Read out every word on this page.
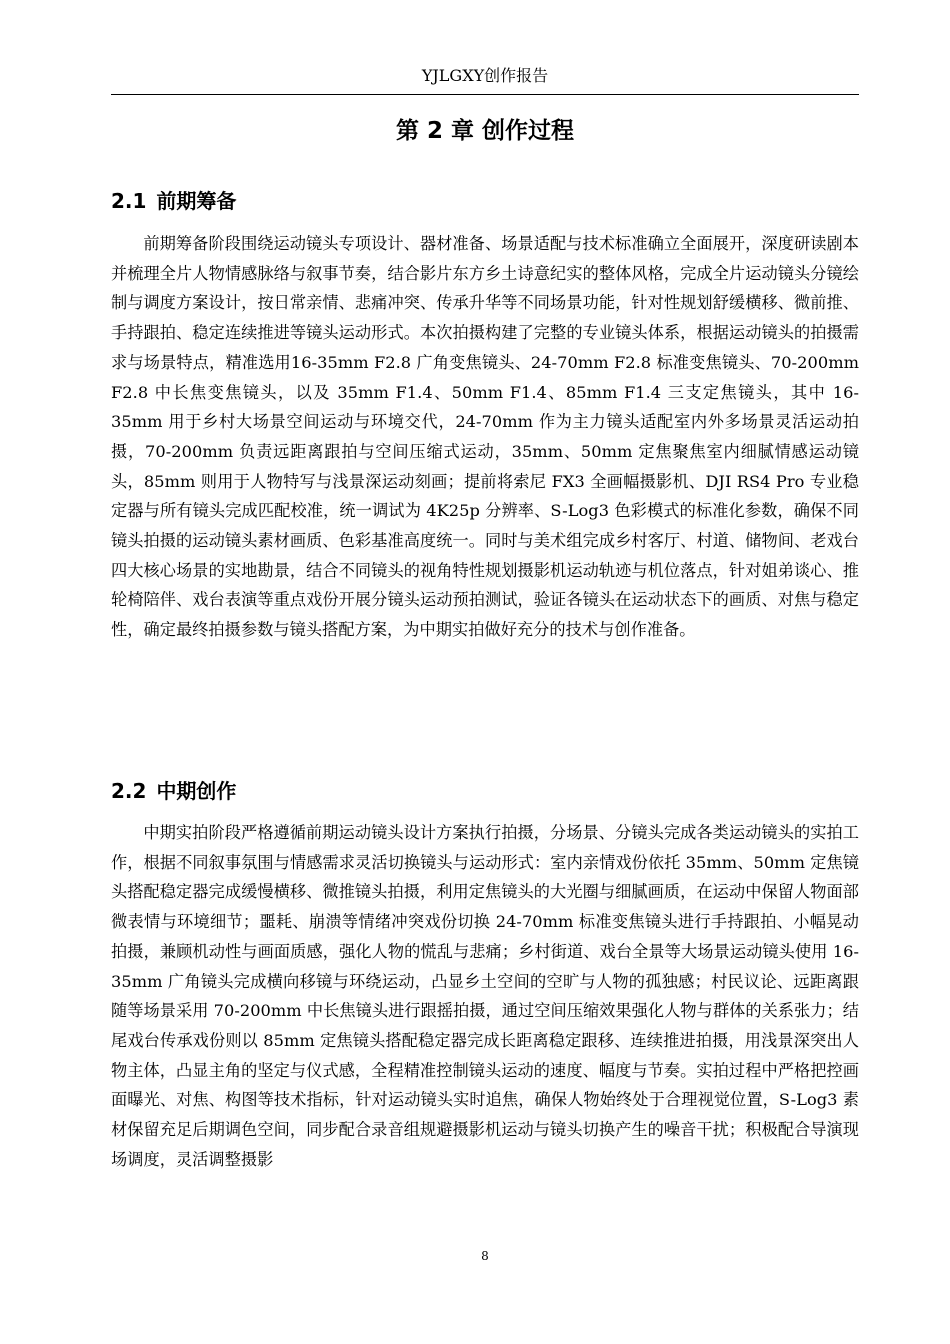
YJLGXY创作报告
第 2 章 创作过程
2.1 前期筹备

前期筹备阶段围绕运动镜头专项设计、器材准备、场景适配与技术标准确立全面展开，深度研读剧本并梳理全片人物情感脉络与叙事节奏，结合影片东方乡土诗意纪实的整体风格，完成全片运动镜头分镜绘制与调度方案设计，按日常亲情、悲痛冲突、传承升华等不同场景功能，针对性规划舒缓横移、微前推、手持跟拍、稳定连续推进等镜头运动形式。本次拍摄构建了完整的专业镜头体系，根据运动镜头的拍摄需求与场景特点，精准选用16-35mm F2.8 广角变焦镜头、24-70mm F2.8 标准变焦镜头、70-200mm F2.8 中长焦变焦镜头，以及 35mm F1.4、50mm F1.4、85mm F1.4 三支定焦镜头，其中 16-35mm 用于乡村大场景空间运动与环境交代，24-70mm 作为主力镜头适配室内外多场景灵活运动拍摄，70-200mm 负责远距离跟拍与空间压缩式运动，35mm、50mm 定焦聚焦室内细腻情感运动镜头，85mm 则用于人物特写与浅景深运动刻画；提前将索尼 FX3 全画幅摄影机、DJI RS4 Pro 专业稳定器与所有镜头完成匹配校准，统一调试为 4K25p 分辨率、S-Log3 色彩模式的标准化参数，确保不同镜头拍摄的运动镜头素材画质、色彩基准高度统一。同时与美术组完成乡村客厅、村道、储物间、老戏台四大核心场景的实地勘景，结合不同镜头的视角特性规划摄影机运动轨迹与机位落点，针对姐弟谈心、推轮椅陪伴、戏台表演等重点戏份开展分镜头运动预拍测试，验证各镜头在运动状态下的画质、对焦与稳定性，确定最终拍摄参数与镜头搭配方案，为中期实拍做好充分的技术与创作准备。

2.2 中期创作

中期实拍阶段严格遵循前期运动镜头设计方案执行拍摄，分场景、分镜头完成各类运动镜头的实拍工作，根据不同叙事氛围与情感需求灵活切换镜头与运动形式：室内亲情戏份依托 35mm、50mm 定焦镜头搭配稳定器完成缓慢横移、微推镜头拍摄，利用定焦镜头的大光圈与细腻画质，在运动中保留人物面部微表情与环境细节；噩耗、崩溃等情绪冲突戏份切换 24-70mm 标准变焦镜头进行手持跟拍、小幅晃动拍摄，兼顾机动性与画面质感，强化人物的慌乱与悲痛；乡村街道、戏台全景等大场景运动镜头使用 16-35mm 广角镜头完成横向移镜与环绕运动，凸显乡土空间的空旷与人物的孤独感；村民议论、远距离跟随等场景采用 70-200mm 中长焦镜头进行跟摇拍摄，通过空间压缩效果强化人物与群体的关系张力；结尾戏台传承戏份则以 85mm 定焦镜头搭配稳定器完成长距离稳定跟移、连续推进拍摄，用浅景深突出人物主体，凸显主角的坚定与仪式感，全程精准控制镜头运动的速度、幅度与节奏。实拍过程中严格把控画面曝光、对焦、构图等技术指标，针对运动镜头实时追焦，确保人物始终处于合理视觉位置，S-Log3 素材保留充足后期调色空间，同步配合录音组规避摄影机运动与镜头切换产生的噪音干扰；积极配合导演现场调度，灵活调整摄影

8
